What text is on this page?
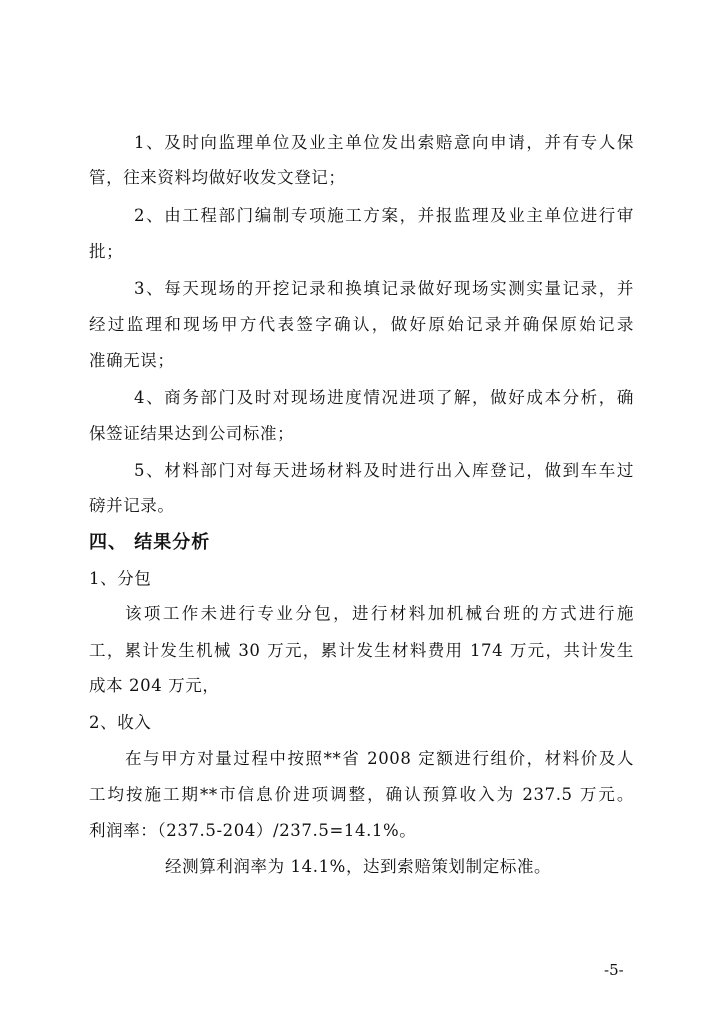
1、及时向监理单位及业主单位发出索赔意向申请，并有专人保
管，往来资料均做好收发文登记；
2、由工程部门编制专项施工方案，并报监理及业主单位进行审
批；
3、每天现场的开挖记录和换填记录做好现场实测实量记录，并
经过监理和现场甲方代表签字确认，做好原始记录并确保原始记录
准确无误；
4、商务部门及时对现场进度情况进项了解，做好成本分析，确
保签证结果达到公司标准；
5、材料部门对每天进场材料及时进行出入库登记，做到车车过
磅并记录。
四、 结果分析
1、分包
该项工作未进行专业分包，进行材料加机械台班的方式进行施
工，累计发生机械 30 万元，累计发生材料费用 174 万元，共计发生
成本 204 万元，
2、收入
在与甲方对量过程中按照**省 2008 定额进行组价，材料价及人
工均按施工期**市信息价进项调整，确认预算收入为 237.5 万元。
利润率：（237.5-204）/237.5=14.1%。
经测算利润率为 14.1%，达到索赔策划制定标准。
-5-
